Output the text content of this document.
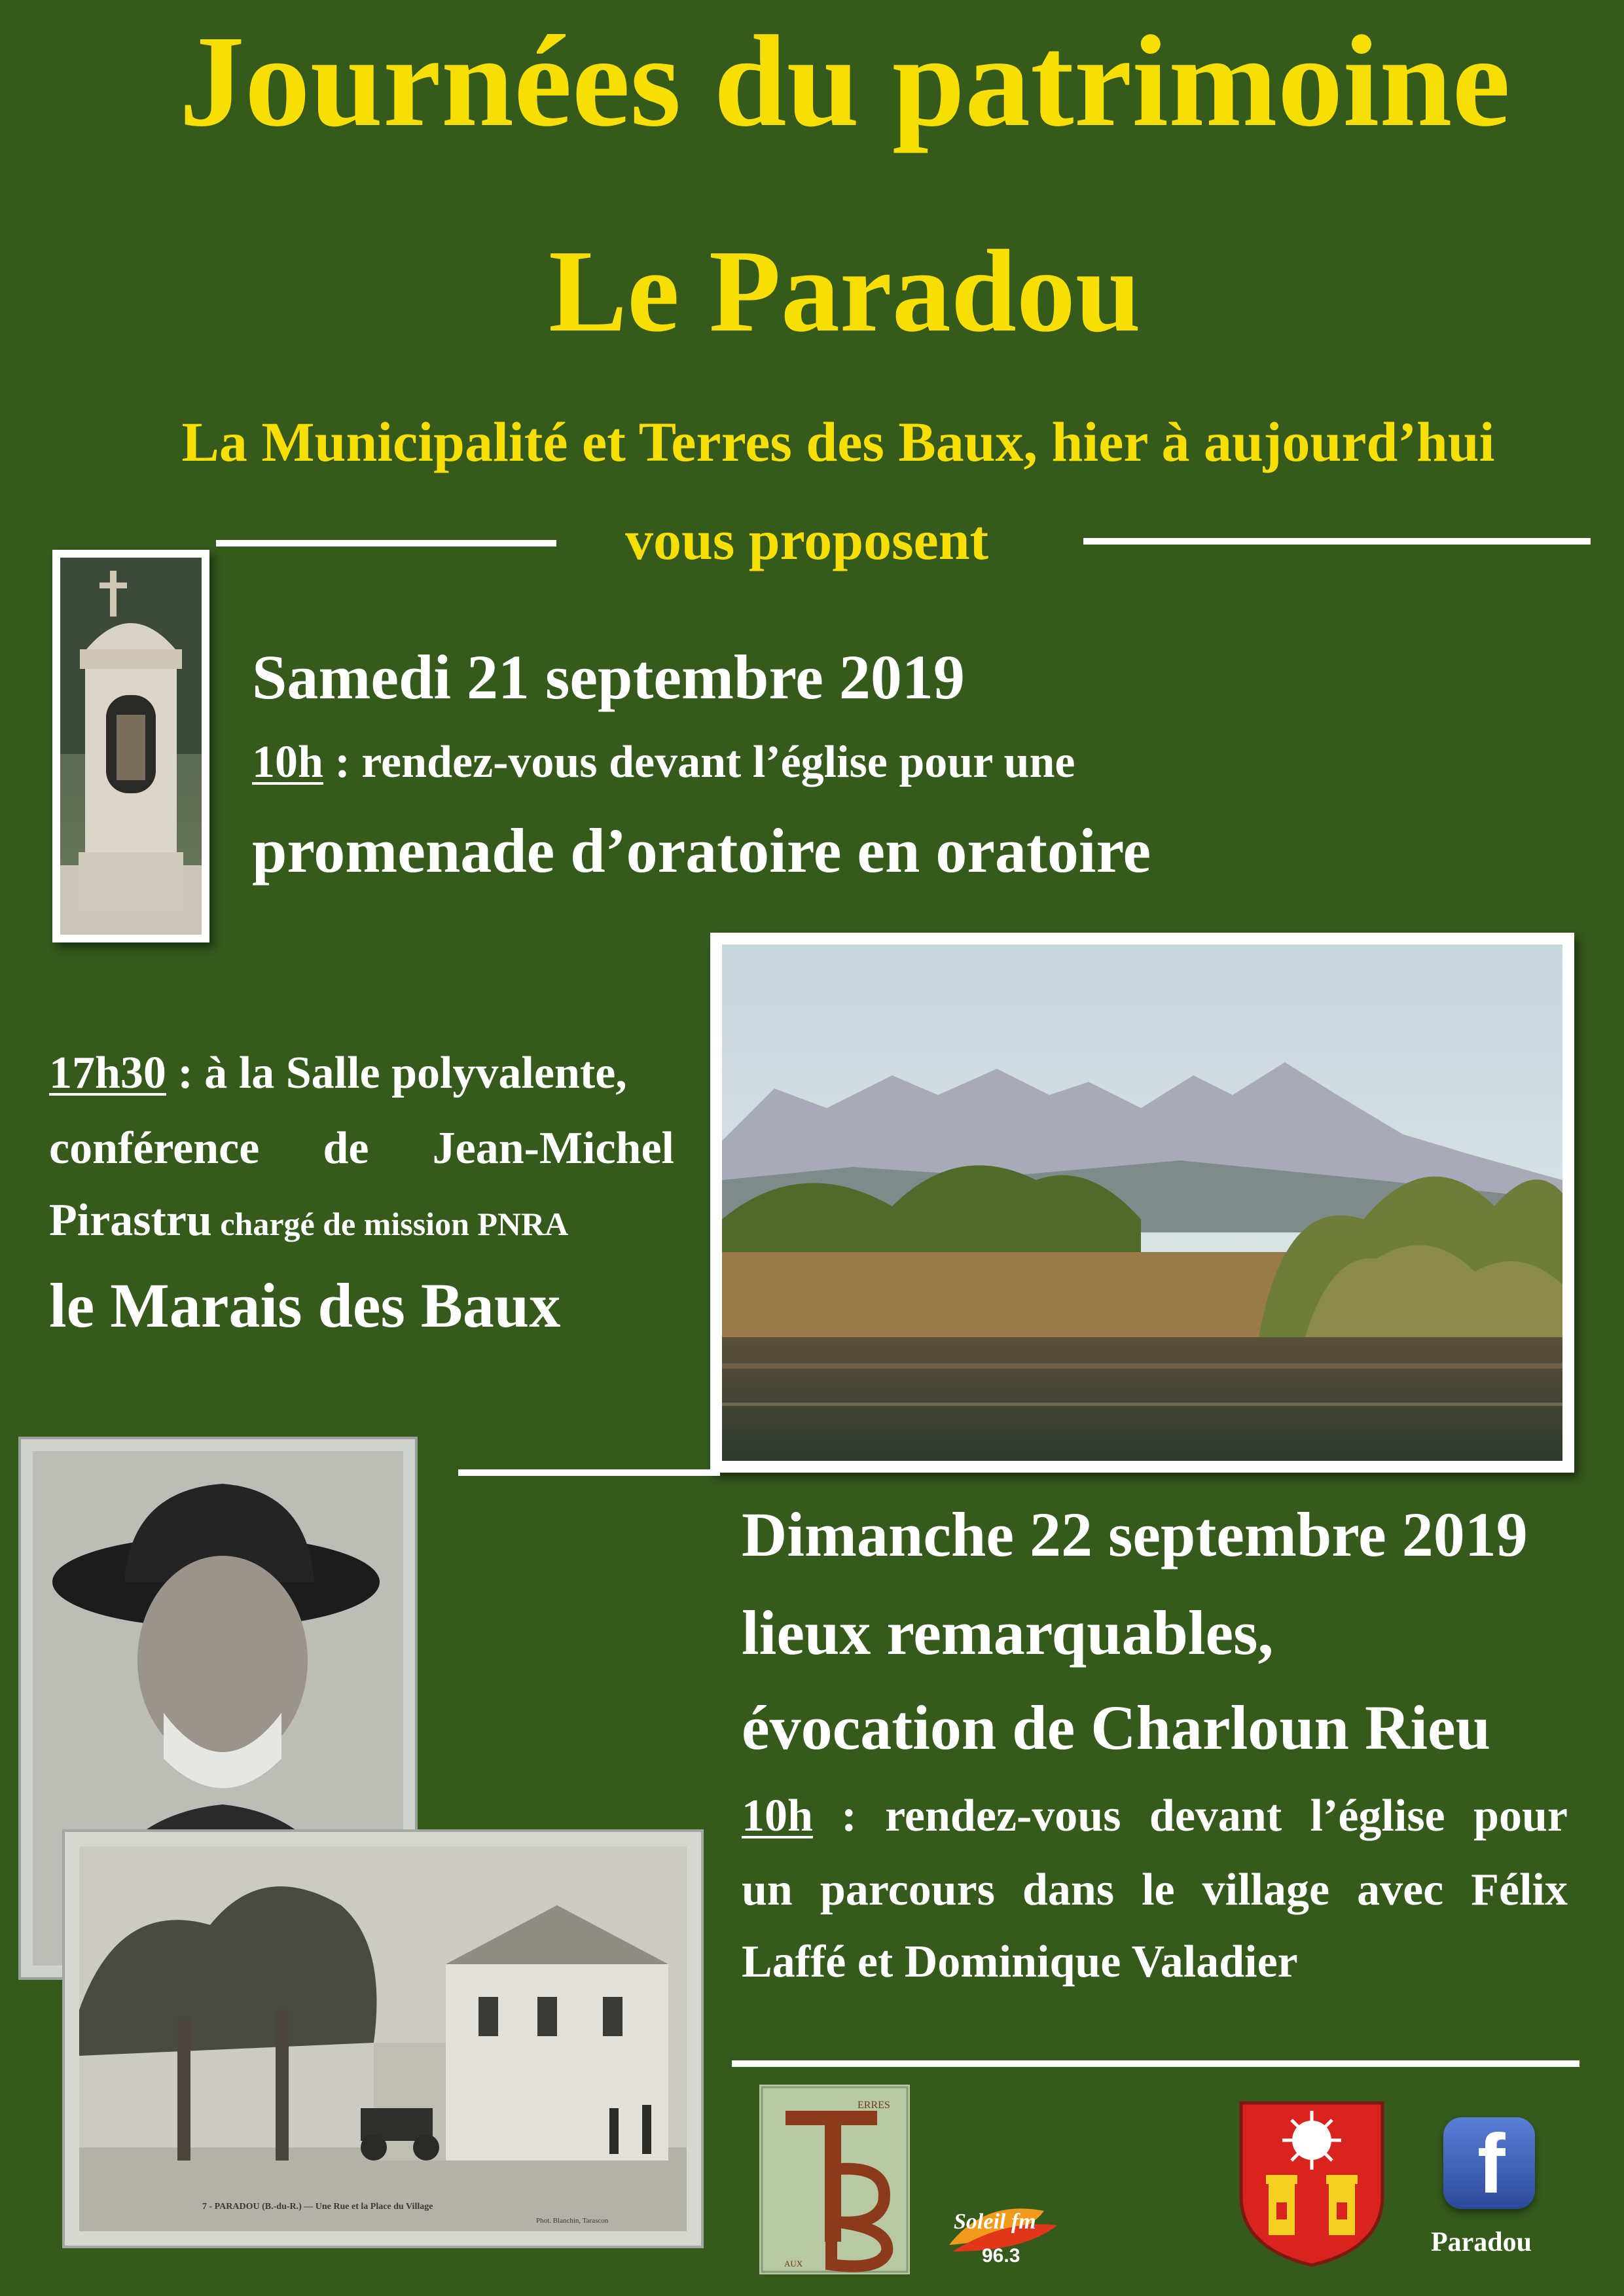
Journées du patrimoine
Le Paradou
La Municipalité et Terres des Baux, hier à aujourd’hui
vous proposent
Samedi 21 septembre 2019
10h : rendez-vous devant l’église pour une
promenade d’oratoire en oratoire
17h30 : à la Salle polyvalente,
conférence de Jean-Michel
Pirastru chargé de mission PNRA
le Marais des Baux
Dimanche 22 septembre 2019
lieux remarquables,
évocation de Charloun Rieu
10h : rendez-vous devant l’église pour
un parcours dans le village avec Félix
Laffé et Dominique Valadier
7 - PARADOU (B.-du-R.) — Une Rue et la Place du Village
Phot. Blanchin, Tarascon
ERRES
AUX
Soleil fm
96.3
f
Paradou
